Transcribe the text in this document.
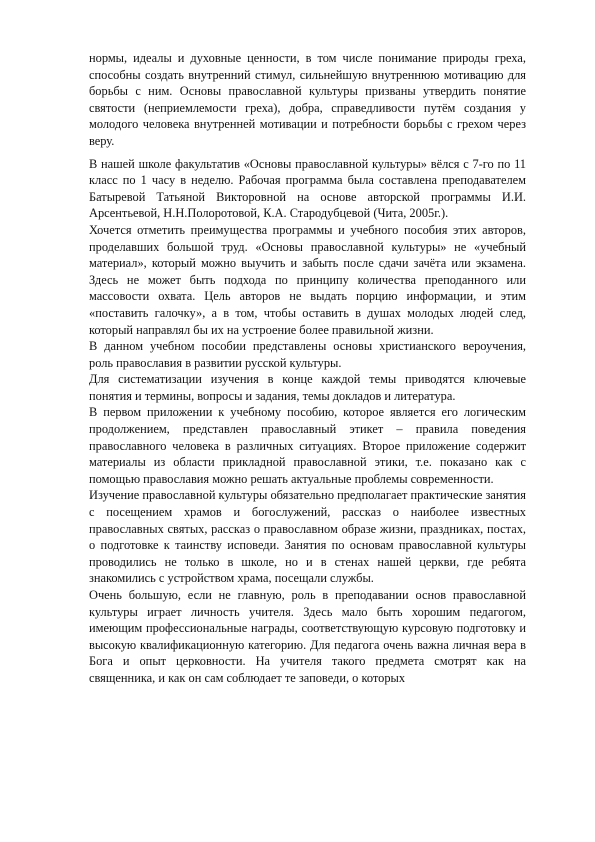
нормы, идеалы и духовные ценности, в том числе понимание природы греха, способны создать внутренний стимул, сильнейшую внутреннюю мотивацию для борьбы с ним. Основы православной культуры призваны утвердить понятие святости (неприемлемости греха), добра, справедливости путём создания у молодого человека внутренней мотивации и потребности борьбы с грехом через веру.

В нашей школе факультатив «Основы православной культуры» вёлся с 7-го по 11 класс по 1 часу в неделю. Рабочая программа была составлена преподавателем Батыревой Татьяной Викторовной на основе авторской программы И.И. Арсентьевой, Н.Н.Полоротовой, К.А. Стародубцевой (Чита, 2005г.).

Хочется отметить преимущества программы и учебного пособия этих авторов, проделавших большой труд. «Основы православной культуры» не «учебный материал», который можно выучить и забыть после сдачи зачёта или экзамена. Здесь не может быть подхода по принципу количества преподанного или массовости охвата. Цель авторов не выдать порцию информации, и этим «поставить галочку», а в том, чтобы оставить в душах молодых людей след, который направлял бы их на устроение более правильной жизни.

В данном учебном пособии представлены основы христианского вероучения, роль православия в развитии русской культуры.

Для систематизации изучения в конце каждой темы приводятся ключевые понятия и термины, вопросы и задания, темы докладов и литература.

В первом приложении к учебному пособию, которое является его логическим продолжением, представлен православный этикет – правила поведения православного человека в различных ситуациях. Второе приложение содержит материалы из области прикладной православной этики, т.е. показано как с помощью православия можно решать актуальные проблемы современности.

Изучение православной культуры обязательно предполагает практические занятия с посещением храмов и богослужений, рассказ о наиболее известных православных святых, рассказ о православном образе жизни, праздниках, постах, о подготовке к таинству исповеди. Занятия по основам православной культуры проводились не только в школе, но и в стенах нашей церкви, где ребята знакомились с устройством храма, посещали службы.

Очень большую, если не главную, роль в преподавании основ православной культуры играет личность учителя. Здесь мало быть хорошим педагогом, имеющим профессиональные награды, соответствующую курсовую подготовку и высокую квалификационную категорию. Для педагога очень важна личная вера в Бога и опыт церковности. На учителя такого предмета смотрят как на священника, и как он сам соблюдает те заповеди, о которых
